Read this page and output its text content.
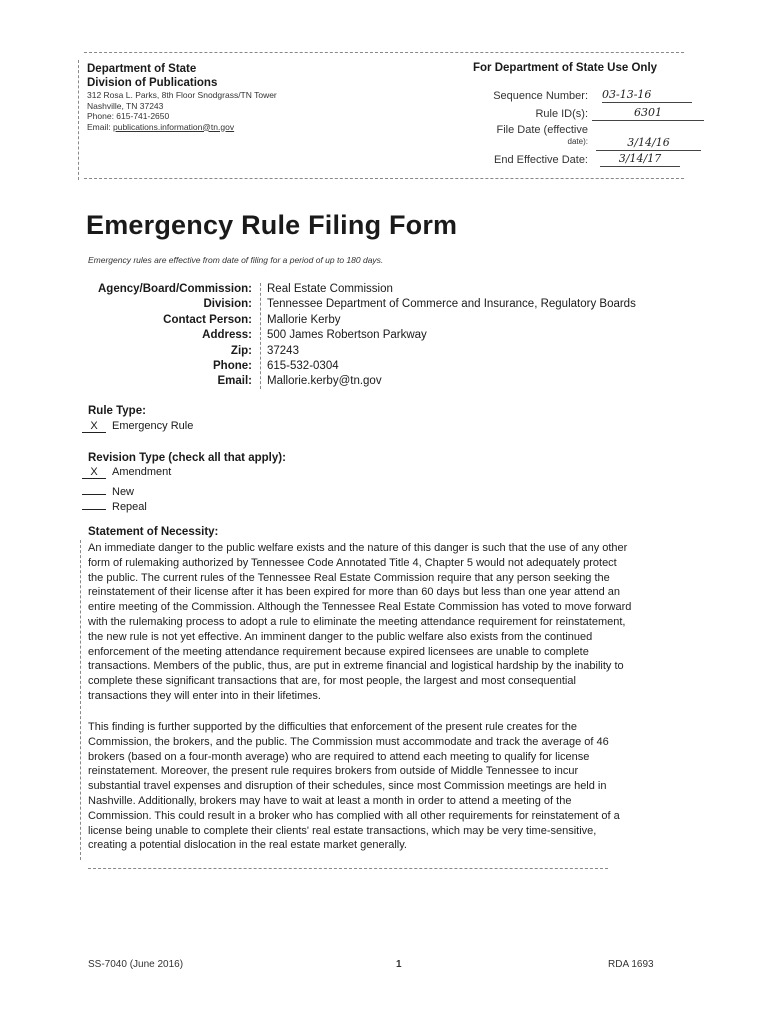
Department of State
Division of Publications
312 Rosa L. Parks, 8th Floor Snodgrass/TN Tower
Nashville, TN 37243
Phone: 615-741-2650
Email: publications.information@tn.gov
For Department of State Use Only
Sequence Number: 03-13-16
Rule ID(s):	6301
File Date (effective
date):	3/14/16
End Effective Date:	3/14/17
Emergency Rule Filing Form
Emergency rules are effective from date of filing for a period of up to 180 days.
Agency/Board/Commission: Real Estate Commission
Division: Tennessee Department of Commerce and Insurance, Regulatory Boards
Contact Person: Mallorie Kerby
Address: 500 James Robertson Parkway
Zip: 37243
Phone: 615-532-0304
Email: Mallorie.kerby@tn.gov
Rule Type:
X Emergency Rule
Revision Type (check all that apply):
X Amendment
New
Repeal
Statement of Necessity:
An immediate danger to the public welfare exists and the nature of this danger is such that the use of any other
form of rulemaking authorized by Tennessee Code Annotated Title 4, Chapter 5 would not adequately protect
the public. The current rules of the Tennessee Real Estate Commission require that any person seeking the
reinstatement of their license after it has been expired for more than 60 days but less than one year attend an
entire meeting of the Commission. Although the Tennessee Real Estate Commission has voted to move forward
with the rulemaking process to adopt a rule to eliminate the meeting attendance requirement for reinstatement,
the new rule is not yet effective. An imminent danger to the public welfare also exists from the continued
enforcement of the meeting attendance requirement because expired licensees are unable to complete
transactions. Members of the public, thus, are put in extreme financial and logistical hardship by the inability to
complete these significant transactions that are, for most people, the largest and most consequential
transactions they will enter into in their lifetimes.
This finding is further supported by the difficulties that enforcement of the present rule creates for the
Commission, the brokers, and the public. The Commission must accommodate and track the average of 46
brokers (based on a four-month average) who are required to attend each meeting to qualify for license
reinstatement. Moreover, the present rule requires brokers from outside of Middle Tennessee to incur
substantial travel expenses and disruption of their schedules, since most Commission meetings are held in
Nashville. Additionally, brokers may have to wait at least a month in order to attend a meeting of the
Commission. This could result in a broker who has complied with all other requirements for reinstatement of a
license being unable to complete their clients' real estate transactions, which may be very time-sensitive,
creating a potential dislocation in the real estate market generally.
SS-7040 (June 2016)	1	RDA 1693
